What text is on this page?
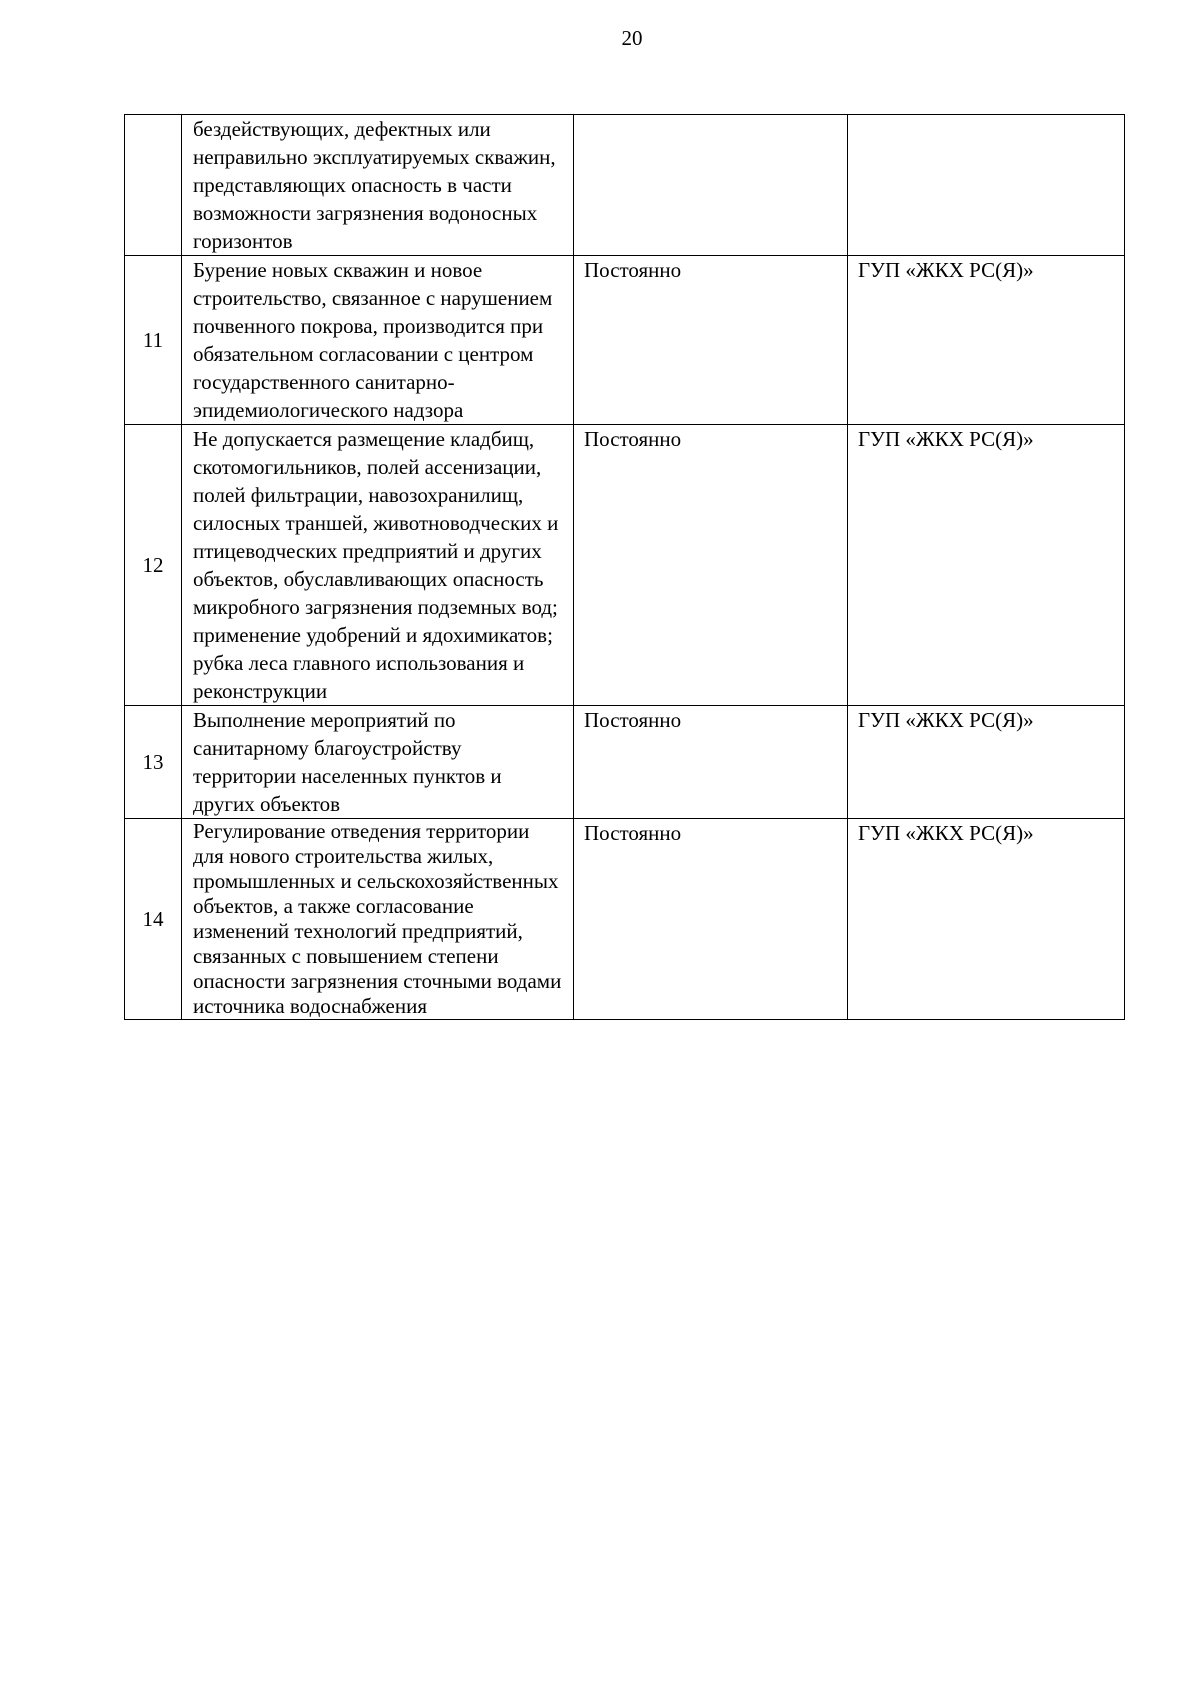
20
	бездействующих, дефектных или неправильно эксплуатируемых скважин, представляющих опасность в части возможности загрязнения водоносных горизонтов		
11	Бурение новых скважин и новое строительство, связанное с нарушением почвенного покрова, производится при обязательном согласовании с центром государственного санитарно-эпидемиологического надзора	Постоянно	ГУП «ЖКХ РС(Я)»
12	Не допускается размещение кладбищ, скотомогильников, полей ассенизации, полей фильтрации, навозохранилищ, силосных траншей, животноводческих и птицеводческих предприятий и других объектов, обуславливающих опасность микробного загрязнения подземных вод; применение удобрений и ядохимикатов; рубка леса главного использования и реконструкции	Постоянно	ГУП «ЖКХ РС(Я)»
13	Выполнение мероприятий по санитарному благоустройству территории населенных пунктов и других объектов	Постоянно	ГУП «ЖКХ РС(Я)»
14	Регулирование отведения территории для нового строительства жилых, промышленных и сельскохозяйственных объектов, а также согласование изменений технологий предприятий, связанных с повышением степени опасности загрязнения сточными водами источника водоснабжения	Постоянно	ГУП «ЖКХ РС(Я)»
